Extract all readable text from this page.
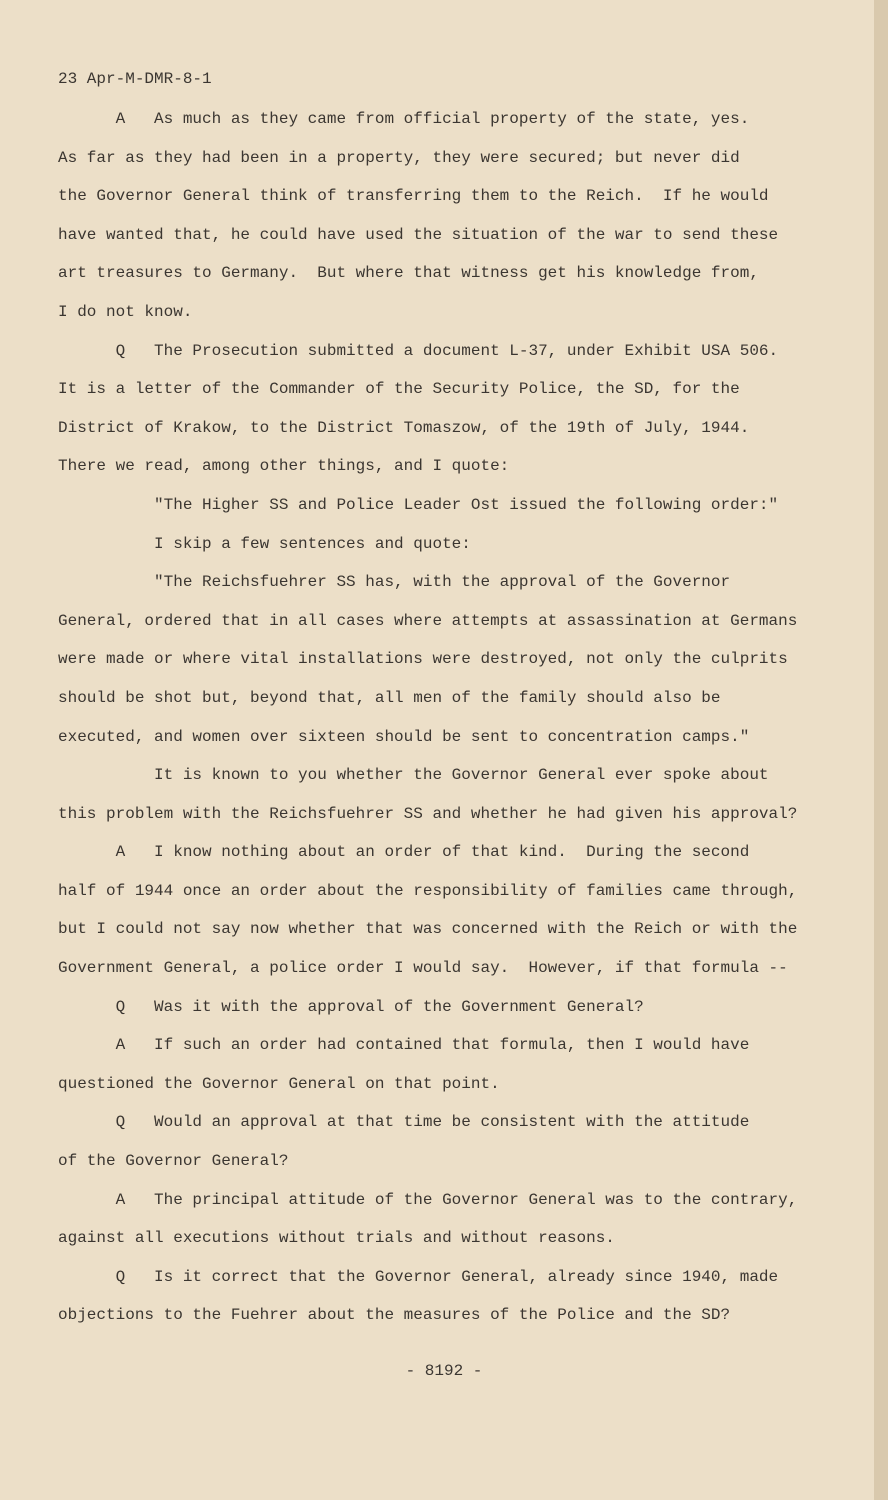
23 Apr-M-DMR-8-1
A   As much as they came from official property of the state, yes.
As far as they had been in a property, they were secured; but never did
the Governor General think of transferring them to the Reich.  If he would
have wanted that, he could have used the situation of the war to send these
art treasures to Germany.  But where that witness get his knowledge from,
I do not know.
Q   The Prosecution submitted a document L-37, under Exhibit USA 506.
It is a letter of the Commander of the Security Police, the SD, for the
District of Krakow, to the District Tomaszow, of the 19th of July, 1944.
There we read, among other things, and I quote:
"The Higher SS and Police Leader Ost issued the following order:"
I skip a few sentences and quote:
"The Reichsfuehrer SS has, with the approval of the Governor
General, ordered that in all cases where attempts at assassination at Germans
were made or where vital installations were destroyed, not only the culprits
should be shot but, beyond that, all men of the family should also be
executed, and women over sixteen should be sent to concentration camps."
It is known to you whether the Governor General ever spoke about
this problem with the Reichsfuehrer SS and whether he had given his approval?
A   I know nothing about an order of that kind.  During the second
half of 1944 once an order about the responsibility of families came through,
but I could not say now whether that was concerned with the Reich or with the
Government General, a police order I would say.  However, if that formula --
Q   Was it with the approval of the Government General?
A   If such an order had contained that formula, then I would have
questioned the Governor General on that point.
Q   Would an approval at that time be consistent with the attitude
of the Governor General?
A   The principal attitude of the Governor General was to the contrary,
against all executions without trials and without reasons.
Q   Is it correct that the Governor General, already since 1940, made
objections to the Fuehrer about the measures of the Police and the SD?
- 8192 -
